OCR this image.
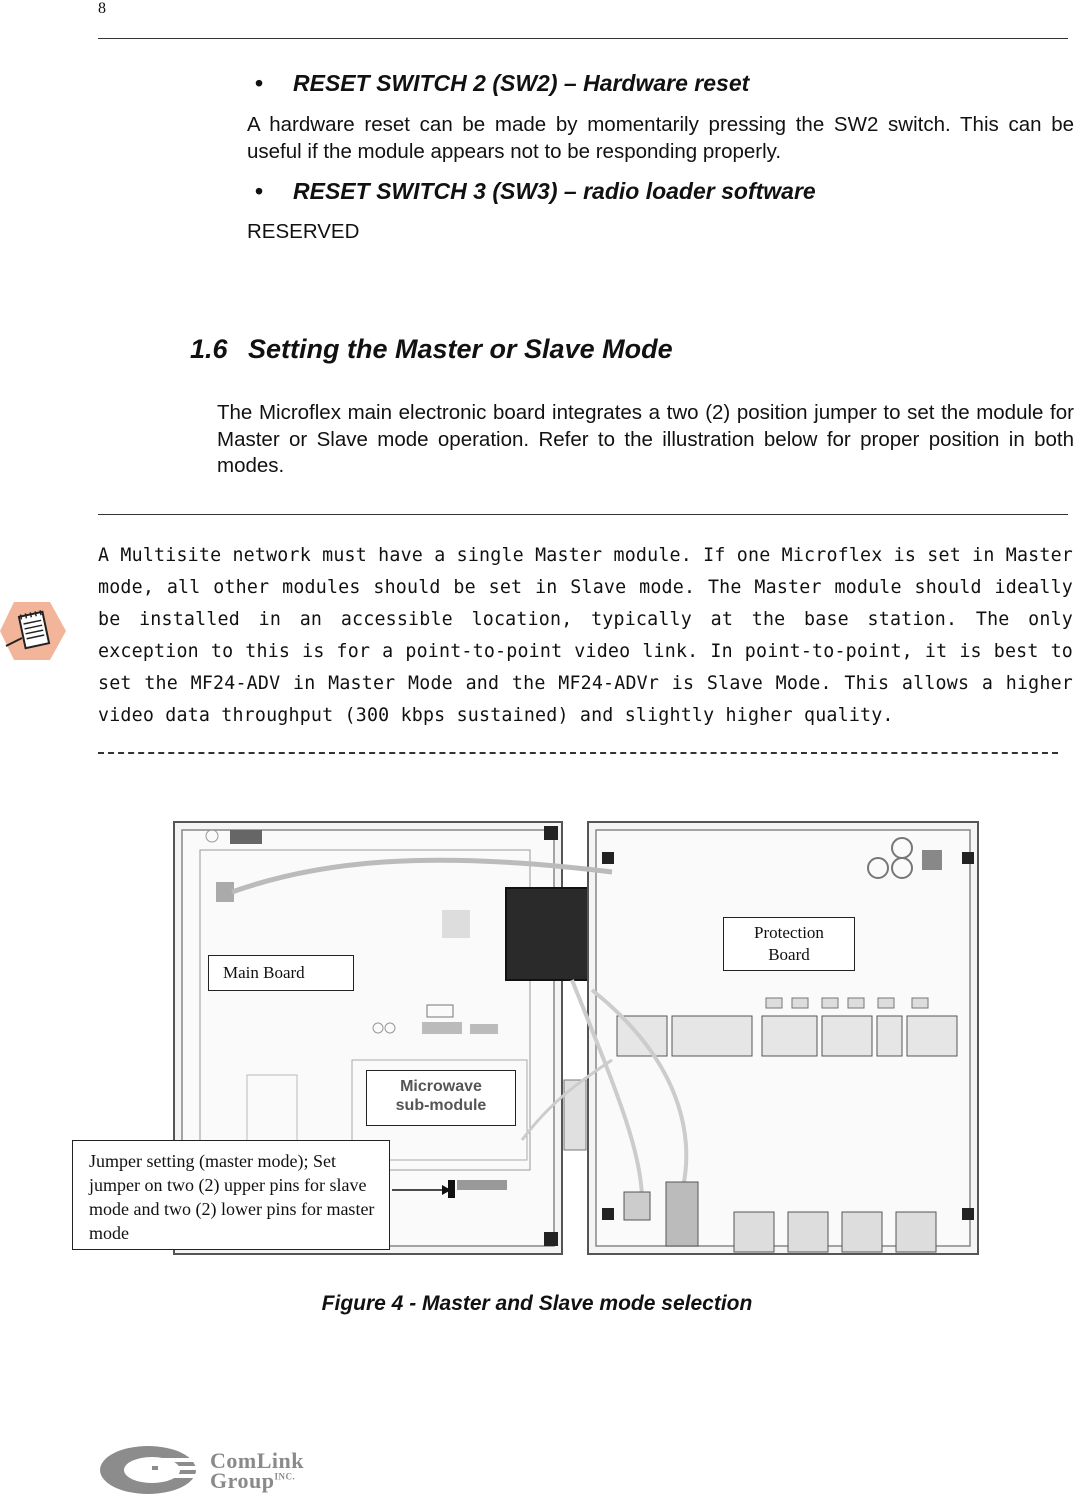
8
• RESET SWITCH 2 (SW2) – Hardware reset
A hardware reset can be made by momentarily pressing the SW2 switch. This can be useful if the module appears not to be responding properly.
• RESET SWITCH 3 (SW3) – radio loader software
RESERVED
1.6 Setting the Master or Slave Mode
The Microflex main electronic board integrates a two (2) position jumper to set the module for Master or Slave mode operation. Refer to the illustration below for proper position in both modes.
A Multisite network must have a single Master module. If one Microflex is set in Master mode, all other modules should be set in Slave mode. The Master module should ideally be installed in an accessible location, typically at the base station. The only exception to this is for a point-to-point video link. In point-to-point, it is best to set the MF24-ADV in Master Mode and the MF24-ADVr is Slave Mode. This allows a higher video data throughput (300 kbps sustained) and slightly higher quality.
Main Board
Protection
Board
Microwave
sub-module
Jumper setting (master mode); Set jumper on two (2) upper pins for slave mode and two (2) lower pins for master mode
Figure 4 - Master and Slave mode selection
ComLink
Group$^{INC.}$
